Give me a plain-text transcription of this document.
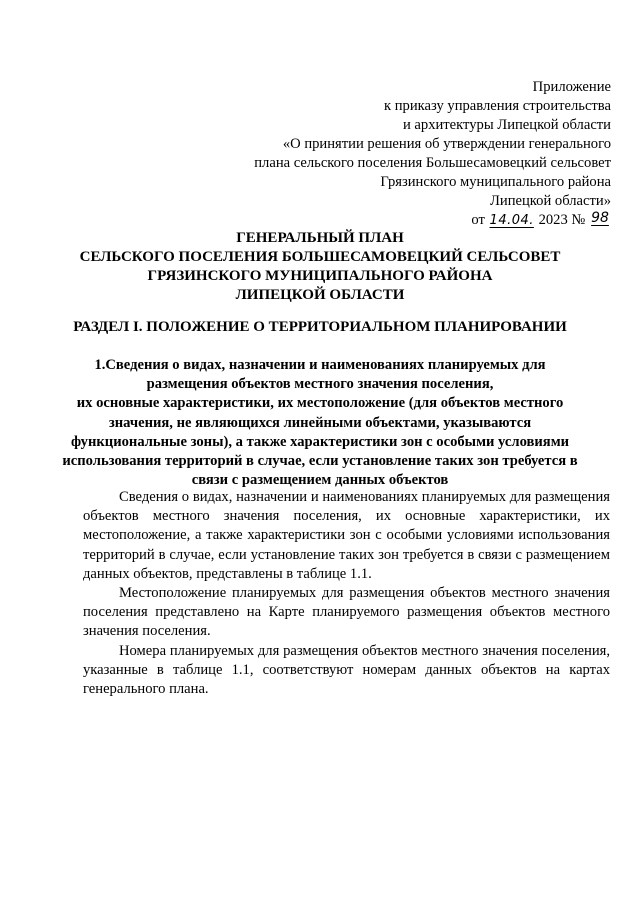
Приложение
к приказу управления строительства
и архитектуры Липецкой области
«О принятии решения об утверждении генерального
плана сельского поселения Большесамовецкий сельсовет
Грязинского муниципального района
Липецкой области»
от 14.04. 2023 № 98
ГЕНЕРАЛЬНЫЙ ПЛАН
СЕЛЬСКОГО ПОСЕЛЕНИЯ БОЛЬШЕСАМОВЕЦКИЙ СЕЛЬСОВЕТ
ГРЯЗИНСКОГО МУНИЦИПАЛЬНОГО РАЙОНА
ЛИПЕЦКОЙ ОБЛАСТИ
РАЗДЕЛ I. ПОЛОЖЕНИЕ О ТЕРРИТОРИАЛЬНОМ ПЛАНИРОВАНИИ
1.Сведения о видах, назначении и наименованиях планируемых для
размещения объектов местного значения поселения,
их основные характеристики, их местоположение (для объектов местного
значения, не являющихся линейными объектами, указываются
функциональные зоны), а также характеристики зон с особыми условиями
использования территорий в случае, если установление таких зон требуется в
связи с размещением данных объектов

Сведения о видах, назначении и наименованиях планируемых для размещения объектов местного значения поселения, их основные характеристики, их местоположение, а также характеристики зон с особыми условиями использования территорий в случае, если установление таких зон требуется в связи с размещением данных объектов, представлены в таблице 1.1.

Местоположение планируемых для размещения объектов местного значения поселения представлено на Карте планируемого размещения объектов местного значения поселения.

Номера планируемых для размещения объектов местного значения поселения, указанные в таблице 1.1, соответствуют номерам данных объектов на картах генерального плана.
